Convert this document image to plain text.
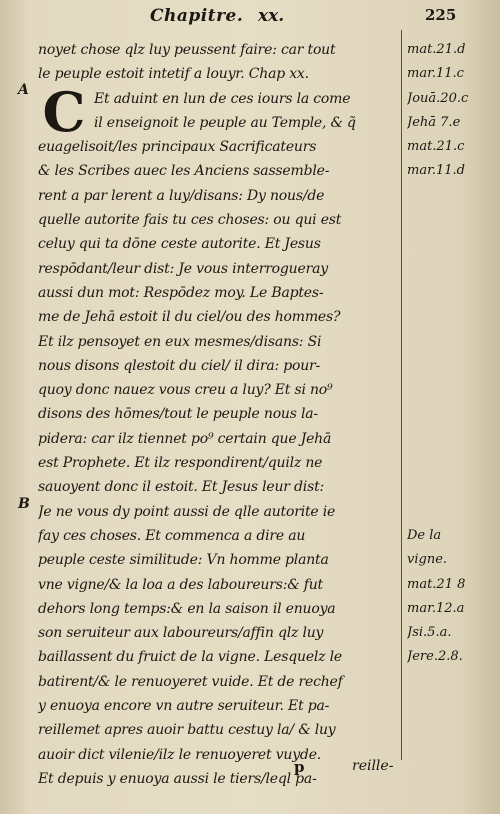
Chapitre. xx.	225
C
A
B
noyet chose qlz luy peussent faire: car tout
le peuple estoit intetif a louyr. Chap xx.
Et aduint en lun de ces iours la come
il enseignoit le peuple au Temple, & q̃
euagelisoit/les principaux Sacrificateurs
& les Scribes auec les Anciens sassemble-
rent a par lerent a luy/disans: Dy nous/de
quelle autorite fais tu ces choses: ou qui est
celuy qui ta dōne ceste autorite. Et Jesus
respōdant/leur dist: Je vous interrogueray
aussi dun mot: Respōdez moy. Le Baptes-
me de Jehā estoit il du ciel/ou des hommes?
Et ilz pensoyet en eux mesmes/disans: Si
nous disons qlestoit du ciel/ il dira: pour-
quoy donc nauez vous creu a luy? Et si no⁹
disons des hōmes/tout le peuple nous la-
pidera: car ilz tiennet po⁹ certain que Jehā
est Prophete. Et ilz respondirent/quilz ne
sauoyent donc il estoit. Et Jesus leur dist:
Je ne vous dy point aussi de qlle autorite ie
fay ces choses. Et commenca a dire au
peuple ceste similitude: Vn homme planta
vne vigne/& la loa a des laboureurs:& fut
dehors long temps:& en la saison il enuoya
son seruiteur aux laboureurs/affin qlz luy
baillassent du fruict de la vigne. Lesquelz le
batirent/& le renuoyeret vuide. Et de rechef
y enuoya encore vn autre seruiteur. Et pa-
reillemet apres auoir battu cestuy la/ & luy
auoir dict vilenie/ilz le renuoyeret vuyde.
Et depuis y enuoya aussi le tiers/leql pa-
mat.21.d
mar.11.c
Jouā.20.c
Jehā 7.e
mat.21.c
mar.11.d
De la
vigne.
mat.21 8
mar.12.a
Jsi.5.a.
Jere.2.8.
p	reille-
